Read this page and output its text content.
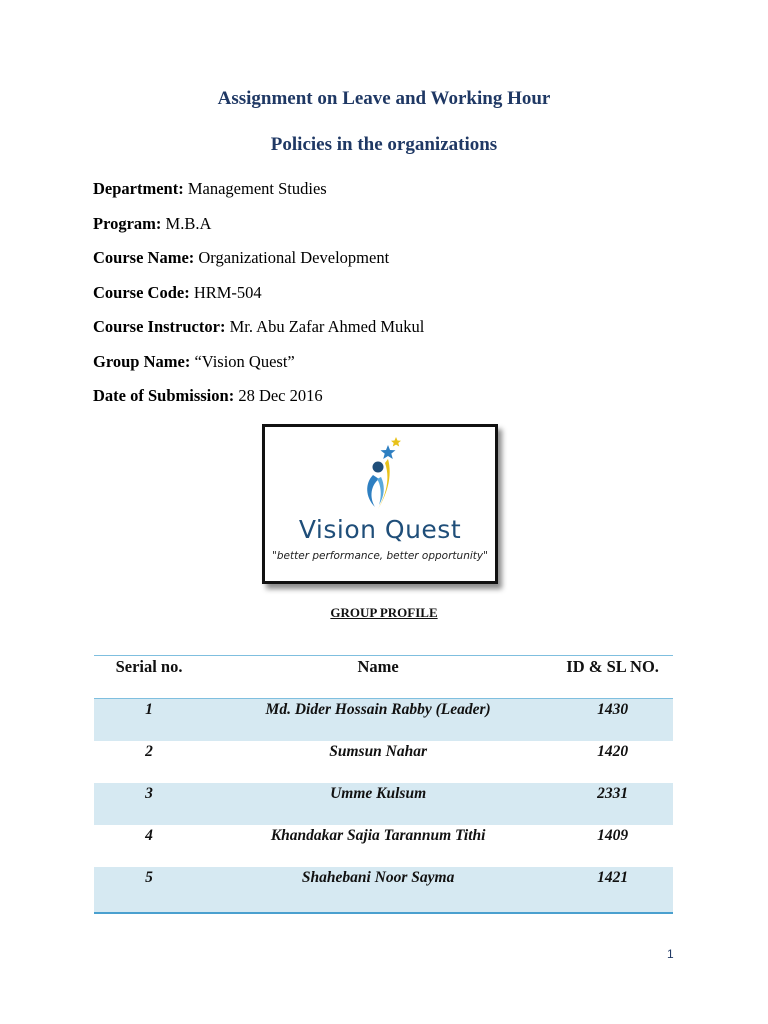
Assignment on Leave and Working Hour
Policies in the organizations
Department: Management Studies
Program: M.B.A
Course Name: Organizational Development
Course Code: HRM-504
Course Instructor: Mr. Abu Zafar Ahmed Mukul
Group Name: “Vision Quest”
Date of Submission: 28 Dec 2016
Vision Quest
"better performance, better opportunity"
GROUP PROFILE
Serial no.	Name	ID & SL NO.
1	Md. Dider Hossain Rabby (Leader)	1430
2	Sumsun Nahar	1420
3	Umme Kulsum	2331
4	Khandakar Sajia Tarannum Tithi	1409
5	Shahebani Noor Sayma	1421
1
